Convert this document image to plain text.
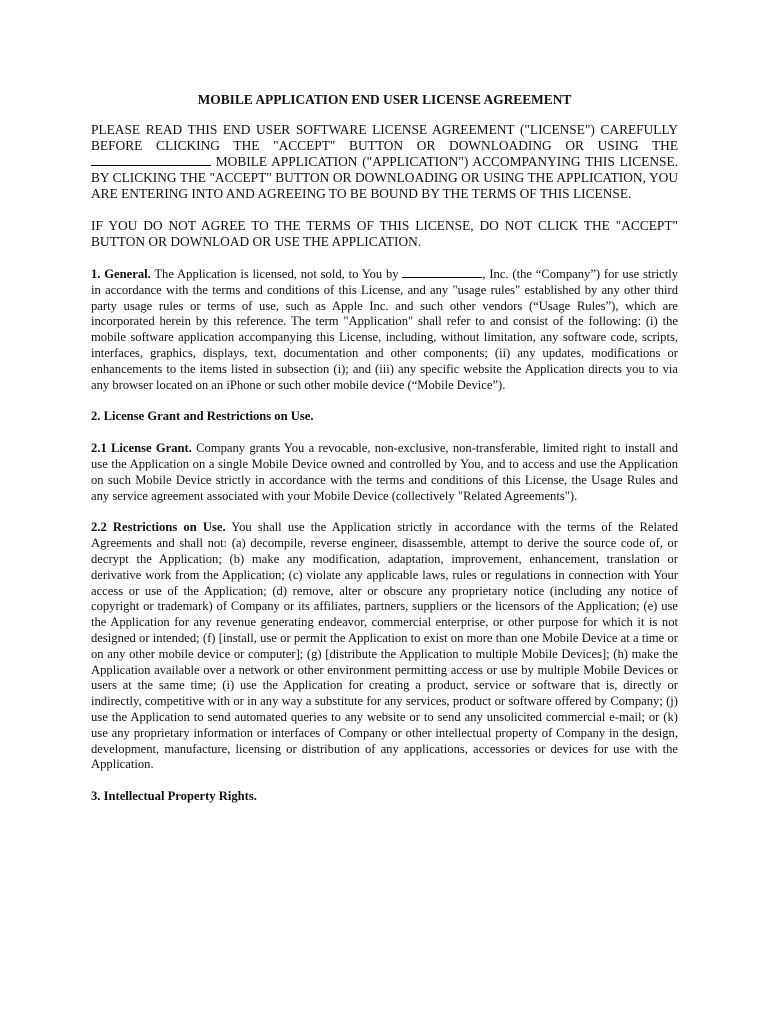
MOBILE APPLICATION END USER LICENSE AGREEMENT

PLEASE READ THIS END USER SOFTWARE LICENSE AGREEMENT ("LICENSE") CAREFULLY BEFORE CLICKING THE "ACCEPT" BUTTON OR DOWNLOADING OR USING THE  MOBILE APPLICATION ("APPLICATION") ACCOMPANYING THIS LICENSE. BY CLICKING THE "ACCEPT" BUTTON OR DOWNLOADING OR USING THE APPLICATION, YOU ARE ENTERING INTO AND AGREEING TO BE BOUND BY THE TERMS OF THIS LICENSE.

IF YOU DO NOT AGREE TO THE TERMS OF THIS LICENSE, DO NOT CLICK THE "ACCEPT" BUTTON OR DOWNLOAD OR USE THE APPLICATION.

1. General. The Application is licensed, not sold, to You by	, Inc. (the “Company”) for use strictly in accordance with the terms and conditions of this License, and any "usage rules" established by any other third party usage rules or terms of use, such as Apple Inc. and such other vendors (“Usage Rules”), which are incorporated herein by this reference. The term "Application" shall refer to and consist of the following: (i) the mobile software application accompanying this License, including, without limitation, any software code, scripts, interfaces, graphics, displays, text, documentation and other components; (ii) any updates, modifications or enhancements to the items listed in subsection (i); and (iii) any specific website the Application directs you to via any browser located on an iPhone or such other mobile device (“Mobile Device”).

2. License Grant and Restrictions on Use.

2.1 License Grant. Company grants You a revocable, non-exclusive, non-transferable, limited right to install and use the Application on a single Mobile Device owned and controlled by You, and to access and use the Application on such Mobile Device strictly in accordance with the terms and conditions of this License, the Usage Rules and any service agreement associated with your Mobile Device (collectively "Related Agreements").

2.2 Restrictions on Use. You shall use the Application strictly in accordance with the terms of the Related Agreements and shall not: (a) decompile, reverse engineer, disassemble, attempt to derive the source code of, or decrypt the Application; (b) make any modification, adaptation, improvement, enhancement, translation or derivative work from the Application; (c) violate any applicable laws, rules or regulations in connection with Your access or use of the Application; (d) remove, alter or obscure any proprietary notice (including any notice of copyright or trademark) of Company or its affiliates, partners, suppliers or the licensors of the Application; (e) use the Application for any revenue generating endeavor, commercial enterprise, or other purpose for which it is not designed or intended; (f) [install, use or permit the Application to exist on more than one Mobile Device at a time or on any other mobile device or computer]; (g) [distribute the Application to multiple Mobile Devices]; (h) make the Application available over a network or other environment permitting access or use by multiple Mobile Devices or users at the same time; (i) use the Application for creating a product, service or software that is, directly or indirectly, competitive with or in any way a substitute for any services, product or software offered by Company; (j) use the Application to send automated queries to any website or to send any unsolicited commercial e-mail; or (k) use any proprietary information or interfaces of Company or other intellectual property of Company in the design, development, manufacture, licensing or distribution of any applications, accessories or devices for use with the Application.

3. Intellectual Property Rights.
